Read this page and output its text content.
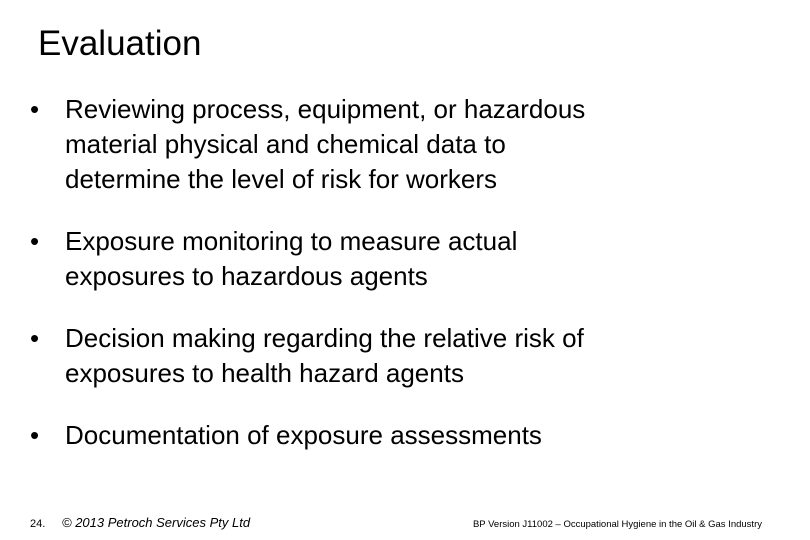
Evaluation
• Reviewing process, equipment, or hazardous
material physical and chemical data to
determine the level of risk for workers
• Exposure monitoring to measure actual
exposures to hazardous agents
• Decision making regarding the relative risk of
exposures to health hazard agents
• Documentation of exposure assessments
24. © 2013 Petroch Services Pty Ltd	BP Version J11002 – Occupational Hygiene in the Oil & Gas Industry
